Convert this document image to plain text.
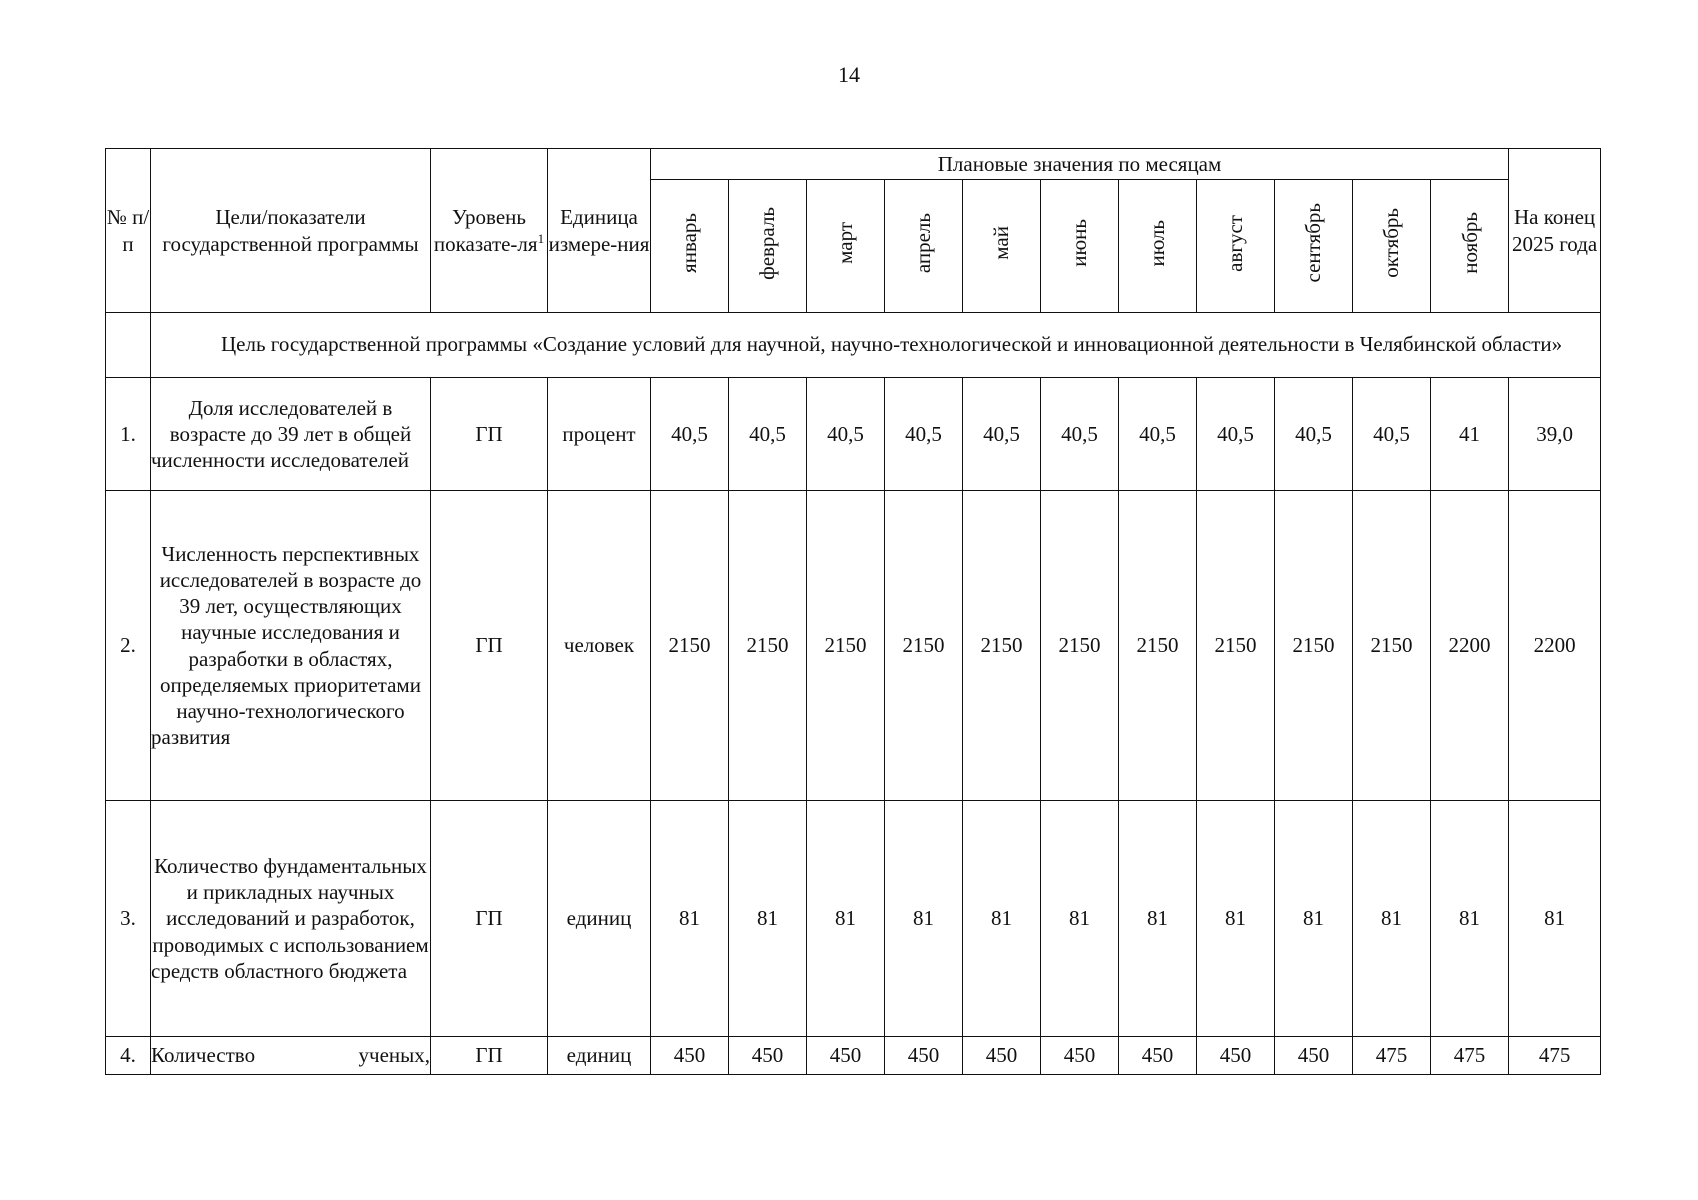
14
№ п/п	Цели/показатели государственной программы	Уровень показате-$ля^1$	Единица измере-ния	Плановые значения по месяцам											На конец 2025 года
				январь	февраль	март	апрель	май	июнь	июль	август	сентябрь	октябрь	ноябрь	
	Цель государственной программы «Создание условий для научной, научно-технологической и инновационной деятельности в Челябинской области»														
1.	Доля исследователей в возрасте до 39 лет в общей численности исследователей	ГП	процент	40,5	40,5	40,5	40,5	40,5	40,5	40,5	40,5	40,5	40,5	41	39,0
2.	Численность перспективных исследователей в возрасте до 39 лет, осуществляющих научные исследования и разработки в областях, определяемых приоритетами научно-технологического развития	ГП	человек	2150	2150	2150	2150	2150	2150	2150	2150	2150	2150	2200	2200
3.	Количество фундаментальных и прикладных научных исследований и разработок, проводимых с использованием средств областного бюджета	ГП	единиц	81	81	81	81	81	81	81	81	81	81	81	81
4.	Количество ученых,	ГП	единиц	450	450	450	450	450	450	450	450	450	475	475	475
